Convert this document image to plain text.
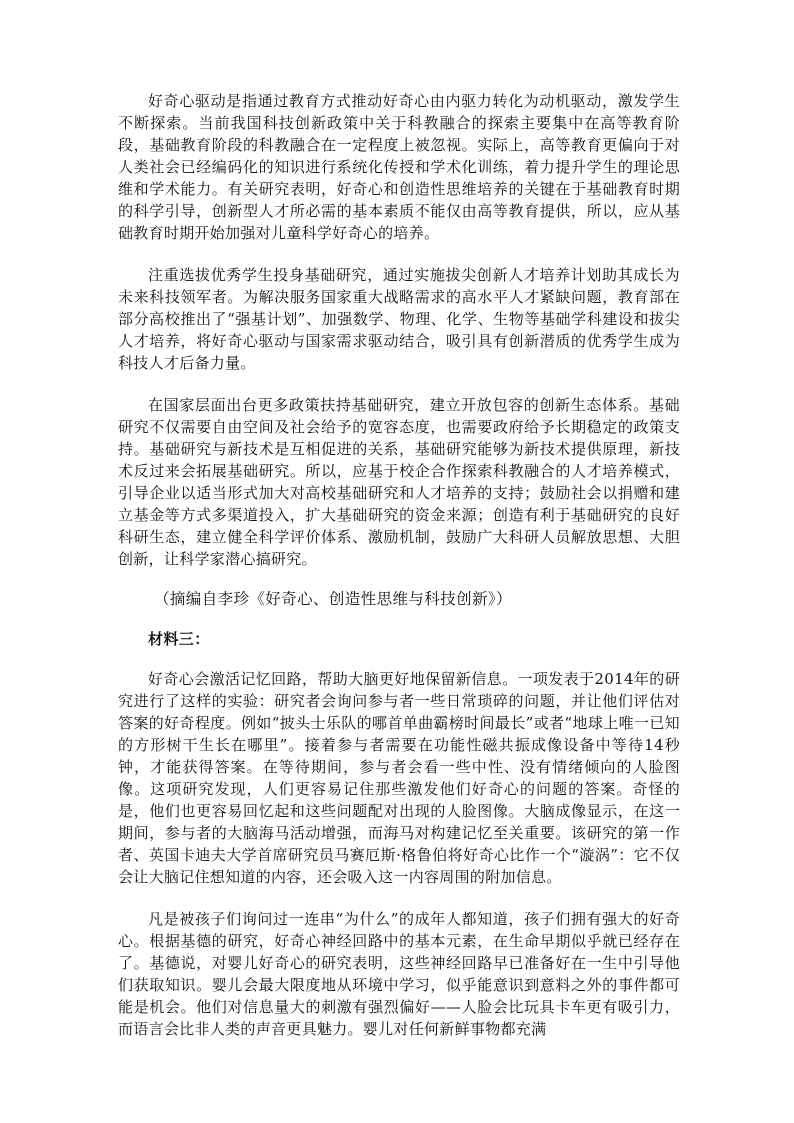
好奇心驱动是指通过教育方式推动好奇心由内驱力转化为动机驱动，激发学生不断探索。当前我国科技创新政策中关于科教融合的探索主要集中在高等教育阶段，基础教育阶段的科教融合在一定程度上被忽视。实际上，高等教育更偏向于对人类社会已经编码化的知识进行系统化传授和学术化训练，着力提升学生的理论思维和学术能力。有关研究表明，好奇心和创造性思维培养的关键在于基础教育时期的科学引导，创新型人才所必需的基本素质不能仅由高等教育提供，所以，应从基础教育时期开始加强对儿童科学好奇心的培养。

注重选拔优秀学生投身基础研究，通过实施拔尖创新人才培养计划助其成长为未来科技领军者。为解决服务国家重大战略需求的高水平人才紧缺问题，教育部在部分高校推出了“强基计划”、加强数学、物理、化学、生物等基础学科建设和拔尖人才培养，将好奇心驱动与国家需求驱动结合，吸引具有创新潜质的优秀学生成为科技人才后备力量。

在国家层面出台更多政策扶持基础研究，建立开放包容的创新生态体系。基础研究不仅需要自由空间及社会给予的宽容态度，也需要政府给予长期稳定的政策支持。基础研究与新技术是互相促进的关系，基础研究能够为新技术提供原理，新技术反过来会拓展基础研究。所以，应基于校企合作探索科教融合的人才培养模式，引导企业以适当形式加大对高校基础研究和人才培养的支持；鼓励社会以捐赠和建立基金等方式多渠道投入，扩大基础研究的资金来源；创造有利于基础研究的良好科研生态，建立健全科学评价体系、激励机制，鼓励广大科研人员解放思想、大胆创新，让科学家潜心搞研究。

（摘编自李珍《好奇心、创造性思维与科技创新》）

材料三：

好奇心会激活记忆回路，帮助大脑更好地保留新信息。一项发表于2014年的研究进行了这样的实验：研究者会询问参与者一些日常琐碎的问题，并让他们评估对答案的好奇程度。例如“披头士乐队的哪首单曲霸榜时间最长”或者“地球上唯一已知的方形树干生长在哪里”。接着参与者需要在功能性磁共振成像设备中等待14秒钟，才能获得答案。在等待期间，参与者会看一些中性、没有情绪倾向的人脸图像。这项研究发现，人们更容易记住那些激发他们好奇心的问题的答案。奇怪的是，他们也更容易回忆起和这些问题配对出现的人脸图像。大脑成像显示，在这一期间，参与者的大脑海马活动增强，而海马对构建记忆至关重要。该研究的第一作者、英国卡迪夫大学首席研究员马赛厄斯·格鲁伯将好奇心比作一个“漩涡”：它不仅会让大脑记住想知道的内容，还会吸入这一内容周围的附加信息。

凡是被孩子们询问过一连串“为什么”的成年人都知道，孩子们拥有强大的好奇心。根据基德的研究，好奇心神经回路中的基本元素，在生命早期似乎就已经存在了。基德说，对婴儿好奇心的研究表明，这些神经回路早已准备好在一生中引导他们获取知识。婴儿会最大限度地从环境中学习，似乎能意识到意料之外的事件都可能是机会。他们对信息量大的刺激有强烈偏好——人脸会比玩具卡车更有吸引力，而语言会比非人类的声音更具魅力。婴儿对任何新鲜事物都充满
